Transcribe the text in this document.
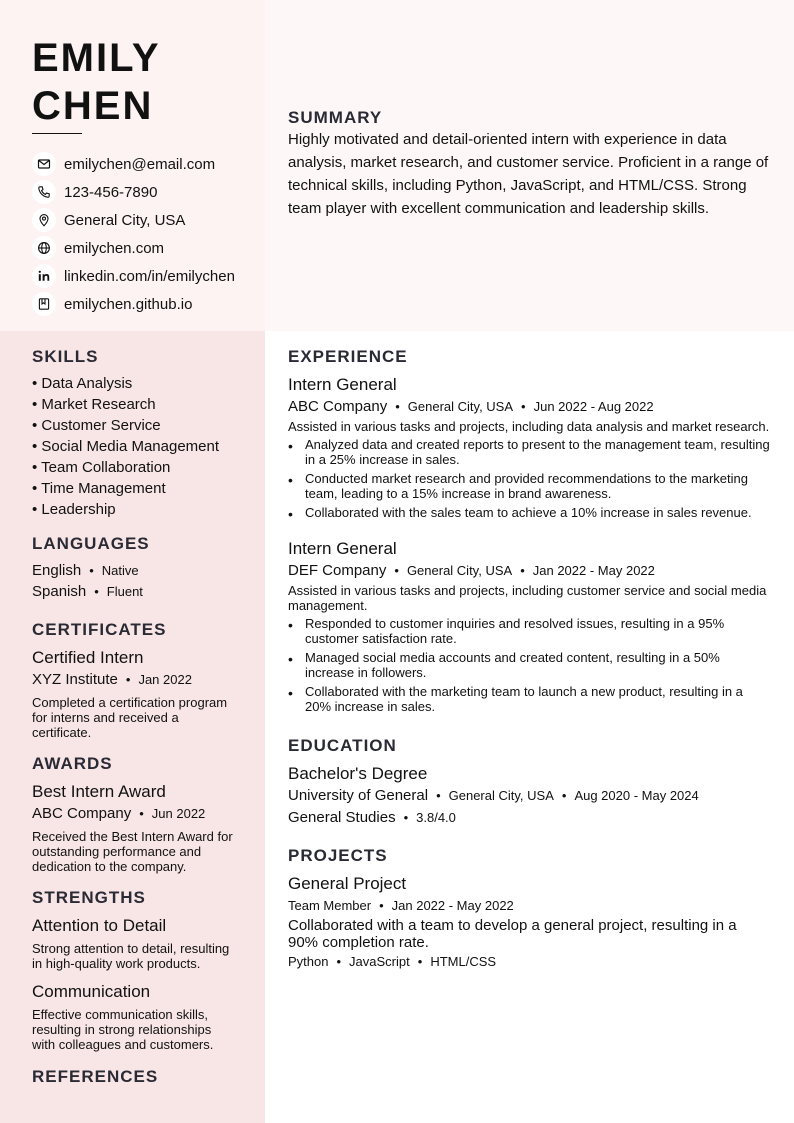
EMILY
CHEN
emilychen@email.com
123-456-7890
General City, USA
emilychen.com
linkedin.com/in/emilychen
emilychen.github.io
SUMMARY

Highly motivated and detail-oriented intern with experience in data analysis, market research, and customer service. Proficient in a range of technical skills, including Python, JavaScript, and HTML/CSS. Strong team player with excellent communication and leadership skills.

SKILLS
• Data Analysis
• Market Research
• Customer Service
• Social Media Management
• Team Collaboration
• Time Management
• Leadership
LANGUAGES
English • Native
Spanish • Fluent
CERTIFICATES
Certified Intern
XYZ Institute • Jan 2022
Completed a certification program for interns and received a certificate.
AWARDS
Best Intern Award
ABC Company • Jun 2022
Received the Best Intern Award for outstanding performance and dedication to the company.
STRENGTHS
Attention to Detail
Strong attention to detail, resulting in high-quality work products.
Communication
Effective communication skills, resulting in strong relationships with colleagues and customers.
REFERENCES
EXPERIENCE
Intern General
ABC Company • General City, USA • Jun 2022 - Aug 2022
Assisted in various tasks and projects, including data analysis and market research.
• Analyzed data and created reports to present to the management team, resulting in a 25% increase in sales.
• Conducted market research and provided recommendations to the marketing team, leading to a 15% increase in brand awareness.
• Collaborated with the sales team to achieve a 10% increase in sales revenue.
Intern General
DEF Company • General City, USA • Jan 2022 - May 2022
Assisted in various tasks and projects, including customer service and social media management.
• Responded to customer inquiries and resolved issues, resulting in a 95% customer satisfaction rate.
• Managed social media accounts and created content, resulting in a 50% increase in followers.
• Collaborated with the marketing team to launch a new product, resulting in a 20% increase in sales.
EDUCATION
Bachelor's Degree
University of General • General City, USA • Aug 2020 - May 2024
General Studies • 3.8/4.0
PROJECTS
General Project
Team Member • Jan 2022 - May 2022
Collaborated with a team to develop a general project, resulting in a 90% completion rate.
Python • JavaScript • HTML/CSS
